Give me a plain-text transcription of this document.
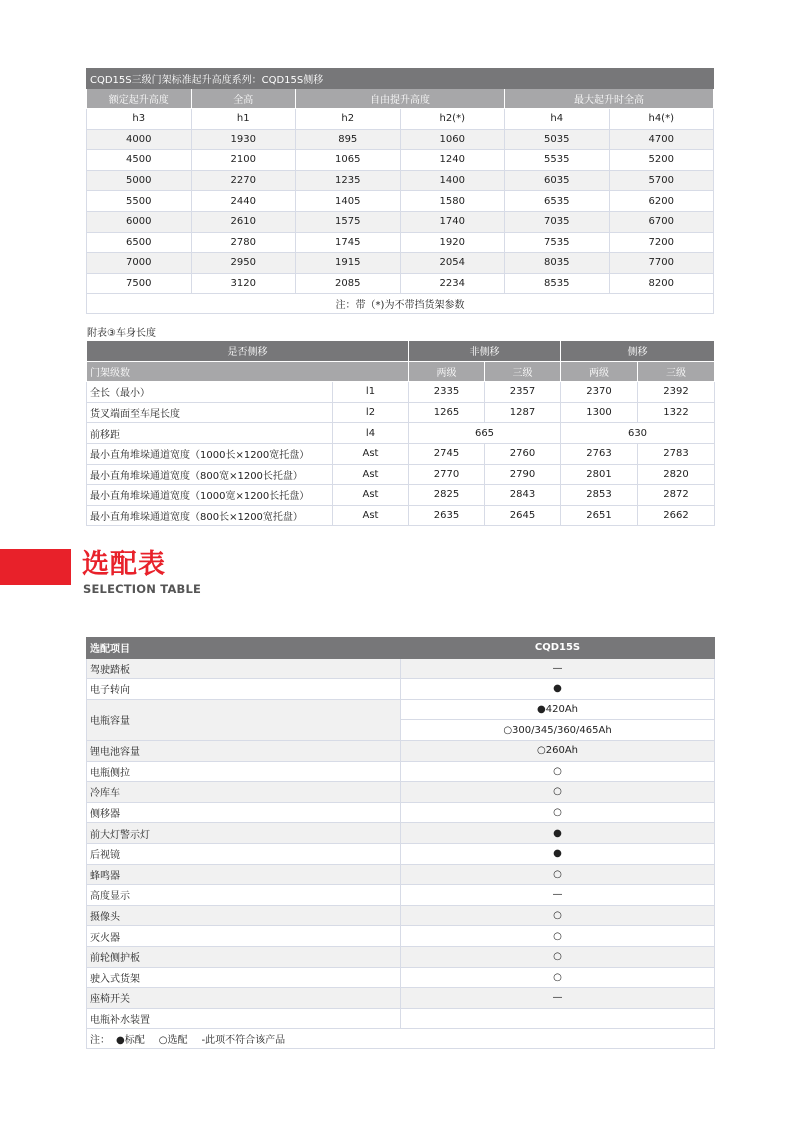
CQD15S三级门架标准起升高度系列：CQD15S侧移					
额定起升高度	全高	自由提升高度		最大起升时全高	
h3	h1	h2	h2(*)	h4	h4(*)
4000	1930	895	1060	5035	4700
4500	2100	1065	1240	5535	5200
5000	2270	1235	1400	6035	5700
5500	2440	1405	1580	6535	6200
6000	2610	1575	1740	7035	6700
6500	2780	1745	1920	7535	7200
7000	2950	1915	2054	8035	7700
7500	3120	2085	2234	8535	8200
注：带（*)为不带挡货架参数					
附表③车身长度
是否侧移		非侧移		侧移	
门架级数		两级	三级	两级	三级
全长（最小）	l1	2335	2357	2370	2392
货叉端面至车尾长度	l2	1265	1287	1300	1322
前移距	l4	665		630	
最小直角堆垛通道宽度（1000长×1200宽托盘）	Ast	2745	2760	2763	2783
最小直角堆垛通道宽度（800宽×1200长托盘）	Ast	2770	2790	2801	2820
最小直角堆垛通道宽度（1000宽×1200长托盘）	Ast	2825	2843	2853	2872
最小直角堆垛通道宽度（800长×1200宽托盘）	Ast	2635	2645	2651	2662
选配表
SELECTION TABLE
选配项目	CQD15S
驾驶踏板	—
电子转向	●
电瓶容量	●420Ah
	○300/345/360/465Ah
锂电池容量	○260Ah
电瓶侧拉	○
冷库车	○
侧移器	○
前大灯警示灯	●
后视镜	●
蜂鸣器	○
高度显示	—
摄像头	○
灭火器	○
前轮侧护板	○
驶入式货架	○
座椅开关	—
电瓶补水装置	
注： ●标配 ○选配 -此项不符合该产品	
